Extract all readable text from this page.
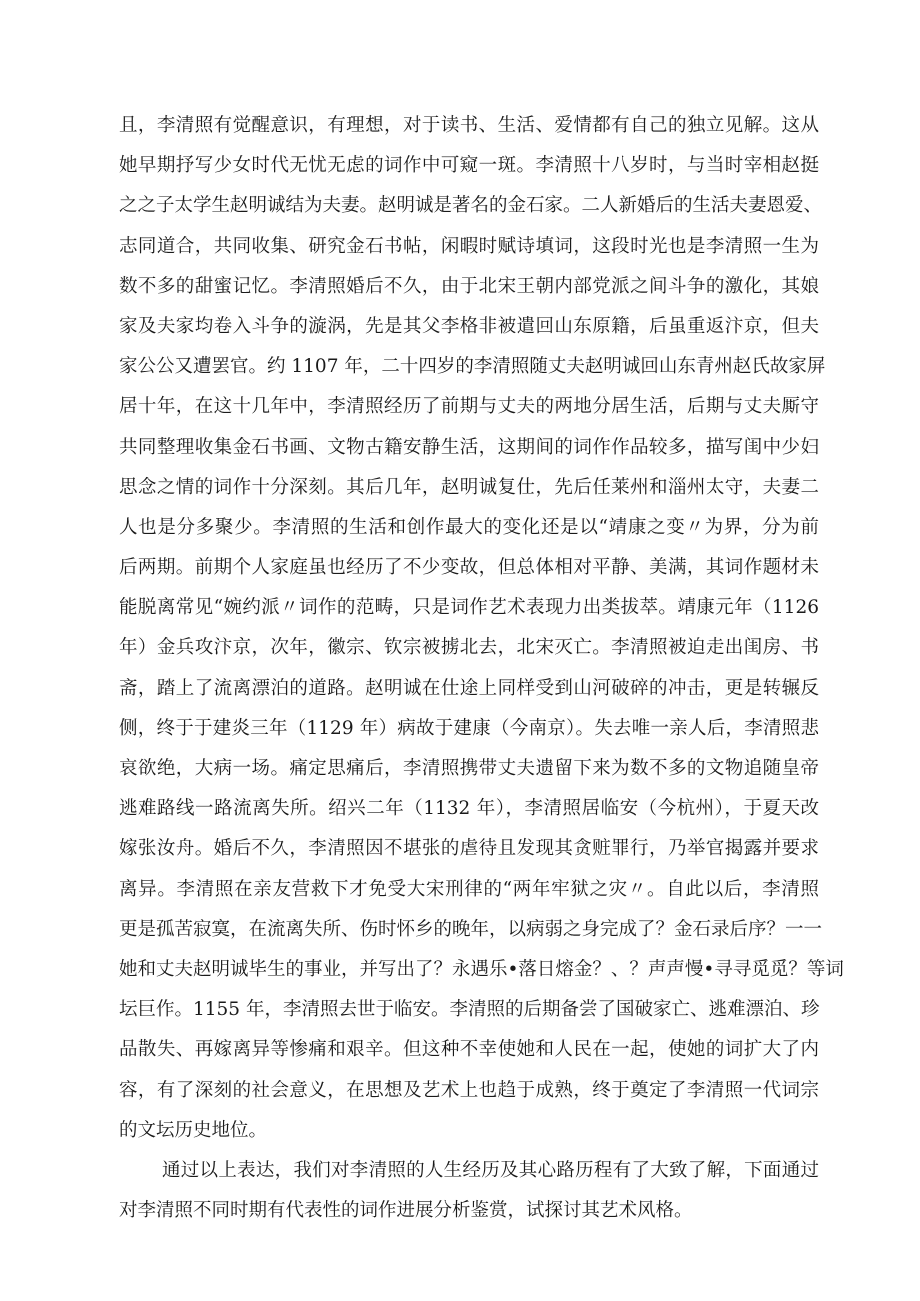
且，李清照有觉醒意识，有理想，对于读书、生活、爱情都有自己的独立见解。这从
她早期抒写少女时代无忧无虑的词作中可窥一斑。李清照十八岁时，与当时宰相赵挺
之之子太学生赵明诚结为夫妻。赵明诚是著名的金石家。二人新婚后的生活夫妻恩爱、
志同道合，共同收集、研究金石书帖，闲暇时赋诗填词，这段时光也是李清照一生为
数不多的甜蜜记忆。李清照婚后不久，由于北宋王朝内部党派之间斗争的激化，其娘
家及夫家均卷入斗争的漩涡，先是其父李格非被遣回山东原籍，后虽重返汴京，但夫
家公公又遭罢官。约 1107 年，二十四岁的李清照随丈夫赵明诚回山东青州赵氏故家屏
居十年，在这十几年中，李清照经历了前期与丈夫的两地分居生活，后期与丈夫厮守
共同整理收集金石书画、文物古籍安静生活，这期间的词作作品较多，描写闺中少妇
思念之情的词作十分深刻。其后几年，赵明诚复仕，先后任莱州和淄州太守，夫妻二
人也是分多聚少。李清照的生活和创作最大的变化还是以“靖康之变〃为界，分为前
后两期。前期个人家庭虽也经历了不少变故，但总体相对平静、美满，其词作题材未
能脱离常见“婉约派〃词作的范畴，只是词作艺术表现力出类拔萃。靖康元年（1126
年）金兵攻汴京，次年，徽宗、钦宗被掳北去，北宋灭亡。李清照被迫走出闺房、书
斋，踏上了流离漂泊的道路。赵明诚在仕途上同样受到山河破碎的冲击，更是转辗反
侧，终于于建炎三年（1129 年）病故于建康（今南京）。失去唯一亲人后，李清照悲
哀欲绝，大病一场。痛定思痛后，李清照携带丈夫遗留下来为数不多的文物追随皇帝
逃难路线一路流离失所。绍兴二年（1132 年），李清照居临安（今杭州），于夏天改
嫁张汝舟。婚后不久，李清照因不堪张的虐待且发现其贪赃罪行，乃举官揭露并要求
离异。李清照在亲友营救下才免受大宋刑律的“两年牢狱之灾〃。自此以后，李清照
更是孤苦寂寞，在流离失所、伤时怀乡的晚年，以病弱之身完成了？金石录后序？一一
她和丈夫赵明诚毕生的事业，并写出了？永遇乐•落日熔金？、？声声慢•寻寻觅觅？等词
坛巨作。1155 年，李清照去世于临安。李清照的后期备尝了国破家亡、逃难漂泊、珍
品散失、再嫁离异等惨痛和艰辛。但这种不幸使她和人民在一起，使她的词扩大了内
容，有了深刻的社会意义，在思想及艺术上也趋于成熟，终于奠定了李清照一代词宗
的文坛历史地位。
通过以上表达，我们对李清照的人生经历及其心路历程有了大致了解，下面通过
对李清照不同时期有代表性的词作进展分析鉴赏，试探讨其艺术风格。
